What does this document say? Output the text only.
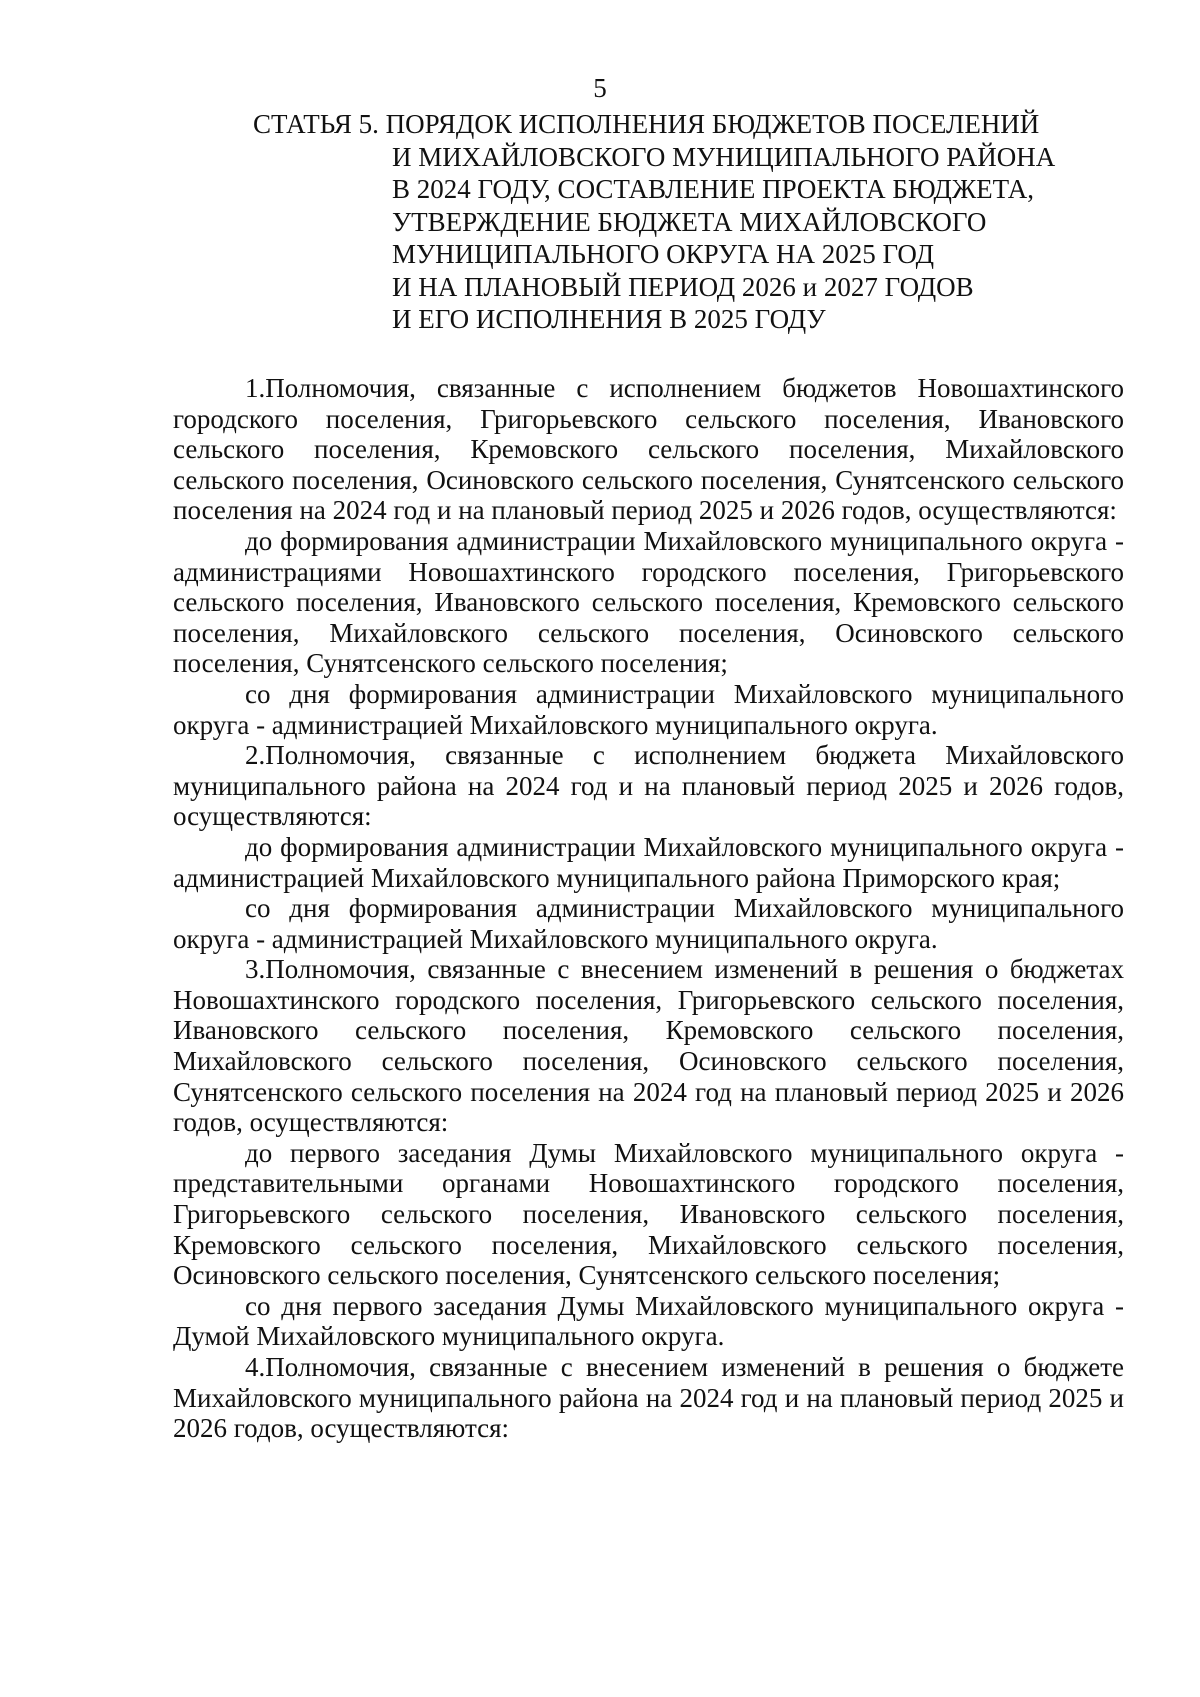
5
СТАТЬЯ 5. ПОРЯДОК ИСПОЛНЕНИЯ БЮДЖЕТОВ ПОСЕЛЕНИЙ
И МИХАЙЛОВСКОГО МУНИЦИПАЛЬНОГО РАЙОНА
В 2024 ГОДУ, СОСТАВЛЕНИЕ ПРОЕКТА БЮДЖЕТА,
УТВЕРЖДЕНИЕ БЮДЖЕТА МИХАЙЛОВСКОГО
МУНИЦИПАЛЬНОГО ОКРУГА НА 2025 ГОД
И НА ПЛАНОВЫЙ ПЕРИОД 2026 и 2027 ГОДОВ
И ЕГО ИСПОЛНЕНИЯ В 2025 ГОДУ

1.Полномочия, связанные с исполнением бюджетов Новошахтинского городского поселения, Григорьевского сельского поселения, Ивановского сельского поселения, Кремовского сельского поселения, Михайловского сельского поселения, Осиновского сельского поселения, Сунятсенского сельского поселения на 2024 год и на плановый период 2025 и 2026 годов, осуществляются:

до формирования администрации Михайловского муниципального округа - администрациями Новошахтинского городского поселения, Григорьевского сельского поселения, Ивановского сельского поселения, Кремовского сельского поселения, Михайловского сельского поселения, Осиновского сельского поселения, Сунятсенского сельского поселения;

со дня формирования администрации Михайловского муниципального округа - администрацией Михайловского муниципального округа.

2.Полномочия, связанные с исполнением бюджета Михайловского муниципального района на 2024 год и на плановый период 2025 и 2026 годов, осуществляются:

до формирования администрации Михайловского муниципального округа - администрацией Михайловского муниципального района Приморского края;

со дня формирования администрации Михайловского муниципального округа - администрацией Михайловского муниципального округа.

3.Полномочия, связанные с внесением изменений в решения о бюджетах Новошахтинского городского поселения, Григорьевского сельского поселения, Ивановского сельского поселения, Кремовского сельского поселения, Михайловского сельского поселения, Осиновского сельского поселения, Сунятсенского сельского поселения на 2024 год на плановый период 2025 и 2026 годов, осуществляются:

до первого заседания Думы Михайловского муниципального округа - представительными органами Новошахтинского городского поселения, Григорьевского сельского поселения, Ивановского сельского поселения, Кремовского сельского поселения, Михайловского сельского поселения, Осиновского сельского поселения, Сунятсенского сельского поселения;

со дня первого заседания Думы Михайловского муниципального округа - Думой Михайловского муниципального округа.

4.Полномочия, связанные с внесением изменений в решения о бюджете Михайловского муниципального района на 2024 год и на плановый период 2025 и 2026 годов, осуществляются:
